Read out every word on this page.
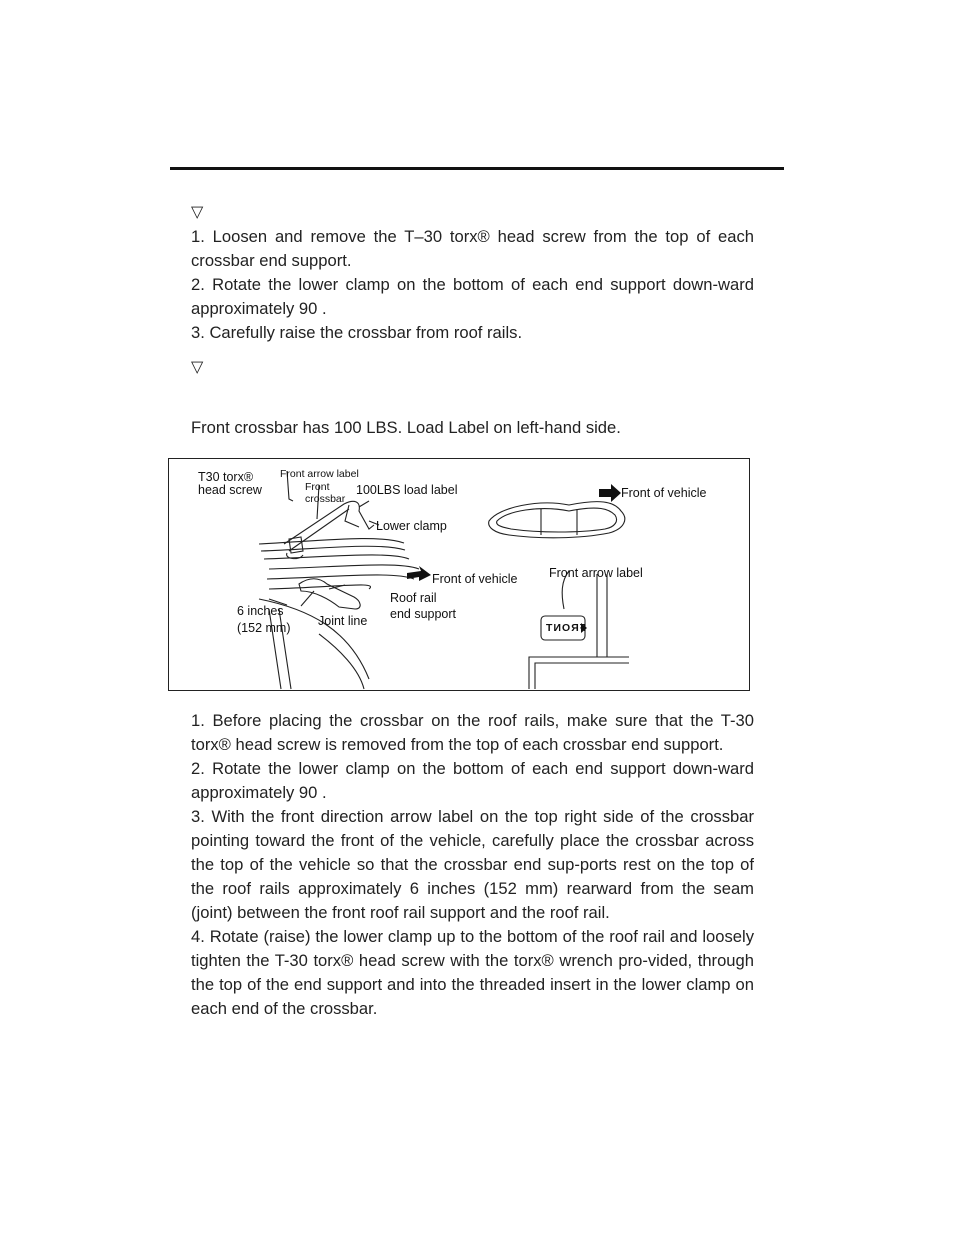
▽

1. Loosen and remove the T–30 torx® head screw from the top of each crossbar end support.

2. Rotate the lower clamp on the bottom of each end support down-ward approximately 90 .

3. Carefully raise the crossbar from roof rails.

▽

Front crossbar has 100 LBS. Load Label on left-hand side.

T30 torx®
head screw
Front arrow label
Front
crossbar
100LBS load label
Lower clamp
Front of vehicle
Front of vehicle	Front arrow label
Roof rail
end support
6 inches
(152 mm) Joint line	FRONT

1. Before placing the crossbar on the roof rails, make sure that the T-30 torx® head screw is removed from the top of each crossbar end support.

2. Rotate the lower clamp on the bottom of each end support down-ward approximately 90 .

3. With the front direction arrow label on the top right side of the crossbar pointing toward the front of the vehicle, carefully place the crossbar across the top of the vehicle so that the crossbar end sup-ports rest on the top of the roof rails approximately 6 inches (152 mm) rearward from the seam (joint) between the front roof rail support and the roof rail.

4. Rotate (raise) the lower clamp up to the bottom of the roof rail and loosely tighten the T-30 torx® head screw with the torx® wrench pro-vided, through the top of the end support and into the threaded insert in the lower clamp on each end of the crossbar.
